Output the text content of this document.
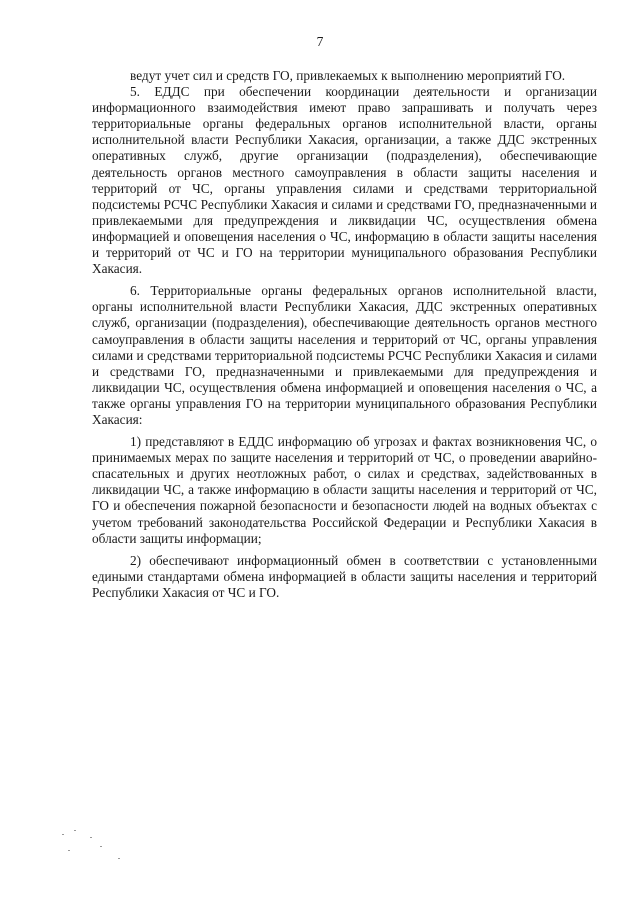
7

ведут учет сил и средств ГО, привлекаемых к выполнению мероприятий ГО.

5. ЕДДС при обеспечении координации деятельности и организации информационного взаимодействия имеют право запрашивать и получать через территориальные органы федеральных органов исполнительной власти, органы исполнительной власти Республики Хакасия, организации, а также ДДС экстренных оперативных служб, другие организации (подразделения), обеспечивающие деятельность органов местного самоуправления в области защиты населения и территорий от ЧС, органы управления силами и средствами территориальной подсистемы РСЧС Республики Хакасия и силами и средствами ГО, предназначенными и привлекаемыми для предупреждения и ликвидации ЧС, осуществления обмена информацией и оповещения населения о ЧС, информацию в области защиты населения и территорий от ЧС и ГО на территории муниципального образования Республики Хакасия.

6. Территориальные органы федеральных органов исполнительной власти, органы исполнительной власти Республики Хакасия, ДДС экстренных оперативных служб, организации (подразделения), обеспечивающие деятельность органов местного самоуправления в области защиты населения и территорий от ЧС, органы управления силами и средствами территориальной подсистемы РСЧС Республики Хакасия и силами и средствами ГО, предназначенными и привлекаемыми для предупреждения и ликвидации ЧС, осуществления обмена информацией и оповещения населения о ЧС, а также органы управления ГО на территории муниципального образования Республики Хакасия:

1) представляют в ЕДДС информацию об угрозах и фактах возникновения ЧС, о принимаемых мерах по защите населения и территорий от ЧС, о проведении аварийно-спасательных и других неотложных работ, о силах и средствах, задействованных в ликвидации ЧС, а также информацию в области защиты населения и территорий от ЧС, ГО и обеспечения пожарной безопасности и безопасности людей на водных объектах с учетом требований законодательства Российской Федерации и Республики Хакасия в области защиты информации;

2) обеспечивают информационный обмен в соответствии с установленными едиными стандартами обмена информацией в области защиты населения и территорий Республики Хакасия от ЧС и ГО.
